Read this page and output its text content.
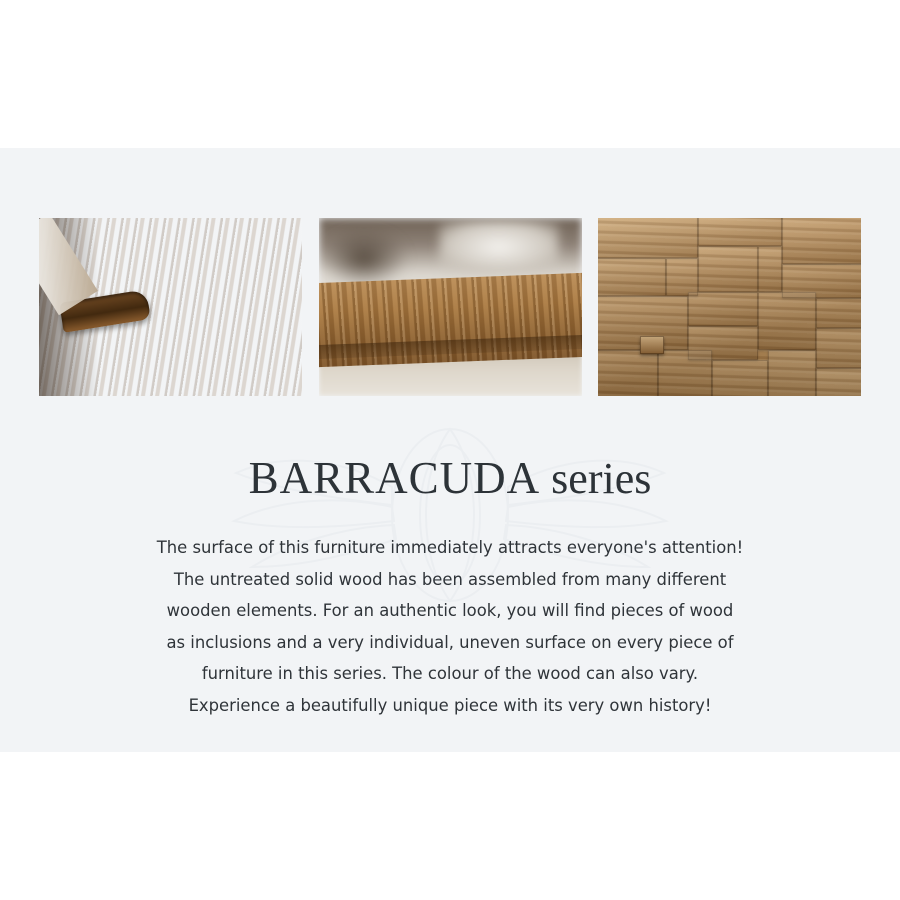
BARRACUDA series

The surface of this furniture immediately attracts everyone's attention!

The untreated solid wood has been assembled from many different

wooden elements. For an authentic look, you will find pieces of wood

as inclusions and a very individual, uneven surface on every piece of

furniture in this series. The colour of the wood can also vary.

Experience a beautifully unique piece with its very own history!
